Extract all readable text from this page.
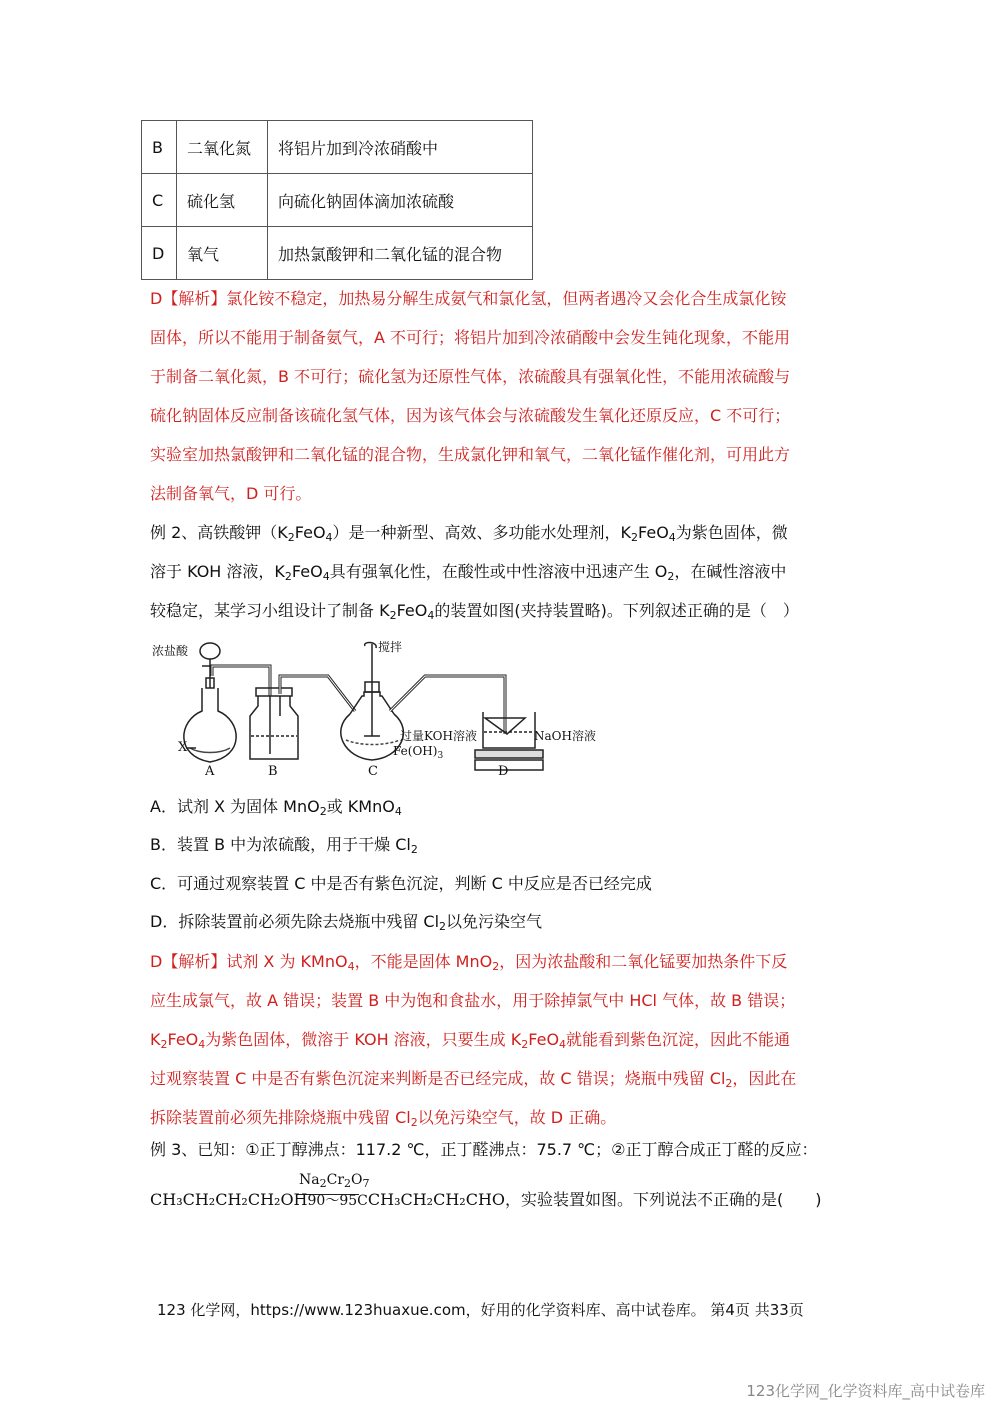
B	二氧化氮	将铝片加到冷浓硝酸中
C	硫化氢	向硫化钠固体滴加浓硫酸
D	氧气	加热氯酸钾和二氧化锰的混合物
D【解析】氯化铵不稳定，加热易分解生成氨气和氯化氢，但两者遇冷又会化合生成氯化铵
固体，所以不能用于制备氨气，A 不可行；将铝片加到冷浓硝酸中会发生钝化现象，不能用
于制备二氧化氮，B 不可行；硫化氢为还原性气体，浓硫酸具有强氧化性，不能用浓硫酸与
硫化钠固体反应制备该硫化氢气体，因为该气体会与浓硫酸发生氧化还原反应，C 不可行；
实验室加热氯酸钾和二氧化锰的混合物，生成氯化钾和氧气，二氧化锰作催化剂，可用此方
法制备氧气，D 可行。
例 2、高铁酸钾$(K_2FeO_4)$是一种新型、高效、多功能水处理剂，$K_2FeO_4$为紫色固体，微
溶于 KOH 溶液，$K_2FeO_4$具有强氧化性，在酸性或中性溶液中迅速产生 $O_2$，在碱性溶液中
较稳定，某学习小组设计了制备 $K_2FeO_4$的装置如图(夹持装置略)。下列叙述正确的是（　）
浓盐酸	搅拌
X
过量KOH溶液
$Fe(OH)_3$
NaOH溶液
A	B	C	D
A．试剂 X 为固体 MnO$_2$或 KMnO$_4$
B．装置 B 中为浓硫酸，用于干燥 $Cl_2$
C．可通过观察装置 C 中是否有紫色沉淀，判断 C 中反应是否已经完成
D．拆除装置前必须先除去烧瓶中残留 $Cl_2$以免污染空气
D【解析】试剂 X 为 KMnO$_4$，不能是固体 MnO$_2$，因为浓盐酸和二氧化锰要加热条件下反
应生成氯气，故 A 错误；装置 B 中为饱和食盐水，用于除掉氯气中 HCl 气体，故 B 错误；
$K_2FeO_4$为紫色固体，微溶于 KOH 溶液，只要生成 $K_2FeO_4$就能看到紫色沉淀，因此不能通
过观察装置 C 中是否有紫色沉淀来判断是否已经完成，故 C 错误；烧瓶中残留 $Cl_2$，因此在
拆除装置前必须先排除烧瓶中残留 $Cl_2$以免污染空气，故 D 正确。
例 3、已知：①正丁醇沸点：117.2 ℃，正丁醛沸点：75.7 ℃；②正丁醇合成正丁醛的反应：
$Na_2Cr_2O_7$
CH₃CH₂CH₂CH₂OH90～95CCH₃CH₂CH₂CHO，实验装置如图。下列说法不正确的是(　　)
123 化学网，https://www.123huaxue.com，好用的化学资料库、高中试卷库。 第4页 共33页
123化学网_化学资料库_高中试卷库
